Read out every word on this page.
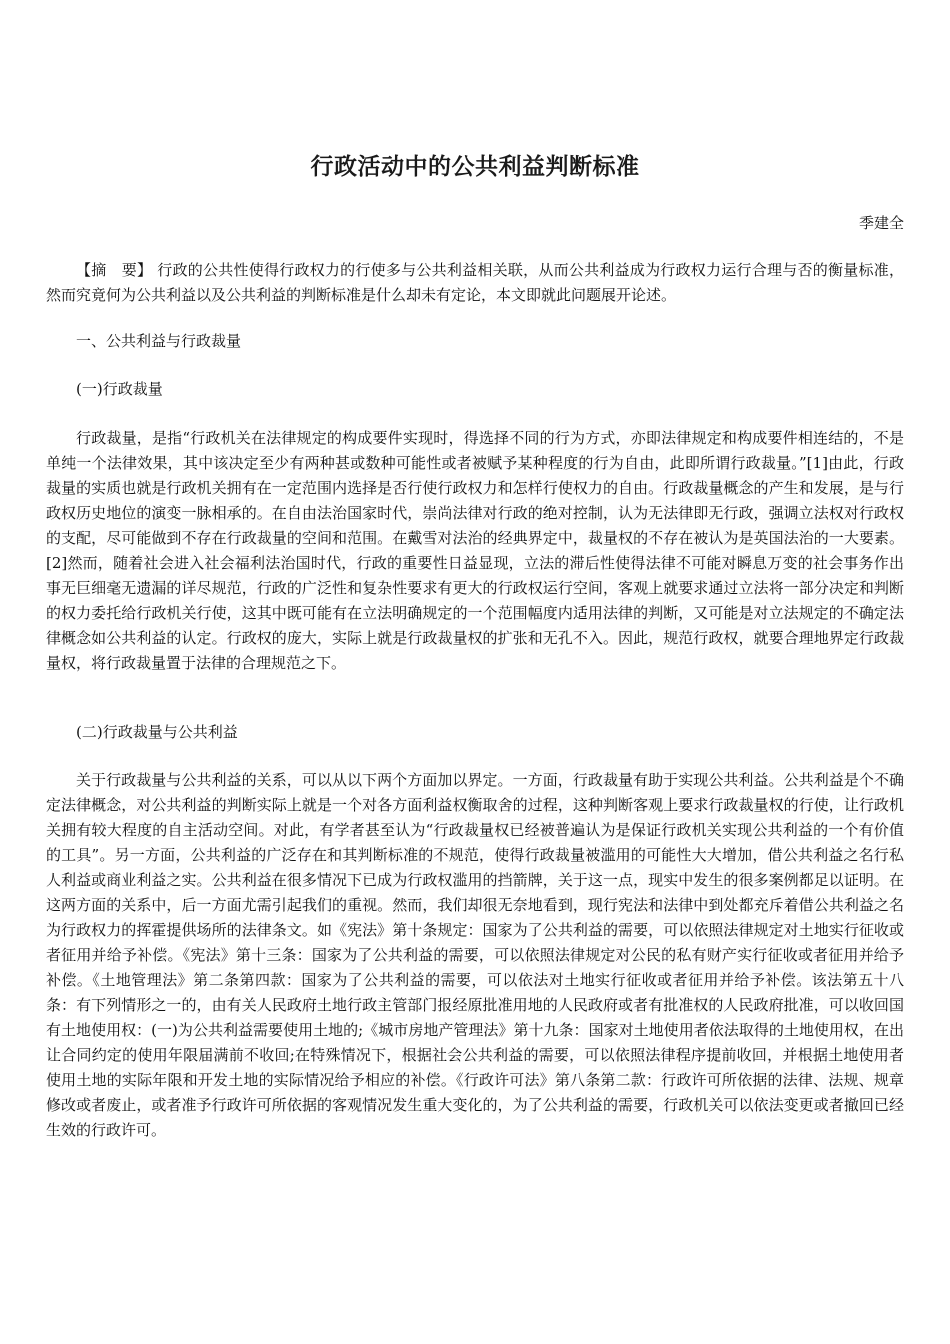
行政活动中的公共利益判断标准
季建全
【摘　要】 行政的公共性使得行政权力的行使多与公共利益相关联，从而公共利益成为行政权力运行合理与否的衡量标准，然而究竟何为公共利益以及公共利益的判断标准是什么却未有定论，本文即就此问题展开论述。
一、公共利益与行政裁量
(一)行政裁量
行政裁量，是指“行政机关在法律规定的构成要件实现时，得选择不同的行为方式，亦即法律规定和构成要件相连结的，不是单纯一个法律效果，其中该决定至少有两种甚或数种可能性或者被赋予某种程度的行为自由，此即所谓行政裁量。”[1]由此，行政裁量的实质也就是行政机关拥有在一定范围内选择是否行使行政权力和怎样行使权力的自由。行政裁量概念的产生和发展，是与行政权历史地位的演变一脉相承的。在自由法治国家时代，崇尚法律对行政的绝对控制，认为无法律即无行政，强调立法权对行政权的支配，尽可能做到不存在行政裁量的空间和范围。在戴雪对法治的经典界定中，裁量权的不存在被认为是英国法治的一大要素。[2]然而，随着社会进入社会福利法治国时代，行政的重要性日益显现，立法的滞后性使得法律不可能对瞬息万变的社会事务作出事无巨细毫无遗漏的详尽规范，行政的广泛性和复杂性要求有更大的行政权运行空间，客观上就要求通过立法将一部分决定和判断的权力委托给行政机关行使，这其中既可能有在立法明确规定的一个范围幅度内适用法律的判断，又可能是对立法规定的不确定法律概念如公共利益的认定。行政权的庞大，实际上就是行政裁量权的扩张和无孔不入。因此，规范行政权，就要合理地界定行政裁量权，将行政裁量置于法律的合理规范之下。
(二)行政裁量与公共利益
关于行政裁量与公共利益的关系，可以从以下两个方面加以界定。一方面，行政裁量有助于实现公共利益。公共利益是个不确定法律概念，对公共利益的判断实际上就是一个对各方面利益权衡取舍的过程，这种判断客观上要求行政裁量权的行使，让行政机关拥有较大程度的自主活动空间。对此，有学者甚至认为“行政裁量权已经被普遍认为是保证行政机关实现公共利益的一个有价值的工具”。另一方面，公共利益的广泛存在和其判断标准的不规范，使得行政裁量被滥用的可能性大大增加，借公共利益之名行私人利益或商业利益之实。公共利益在很多情况下已成为行政权滥用的挡箭牌，关于这一点，现实中发生的很多案例都足以证明。在这两方面的关系中，后一方面尤需引起我们的重视。然而，我们却很无奈地看到，现行宪法和法律中到处都充斥着借公共利益之名为行政权力的挥霍提供场所的法律条文。如《宪法》第十条规定：国家为了公共利益的需要，可以依照法律规定对土地实行征收或者征用并给予补偿。《宪法》第十三条：国家为了公共利益的需要，可以依照法律规定对公民的私有财产实行征收或者征用并给予补偿。《土地管理法》第二条第四款：国家为了公共利益的需要，可以依法对土地实行征收或者征用并给予补偿。该法第五十八条：有下列情形之一的，由有关人民政府土地行政主管部门报经原批准用地的人民政府或者有批准权的人民政府批准，可以收回国有土地使用权：(一)为公共利益需要使用土地的;《城市房地产管理法》第十九条：国家对土地使用者依法取得的土地使用权，在出让合同约定的使用年限届满前不收回;在特殊情况下，根据社会公共利益的需要，可以依照法律程序提前收回，并根据土地使用者使用土地的实际年限和开发土地的实际情况给予相应的补偿。《行政许可法》第八条第二款：行政许可所依据的法律、法规、规章修改或者废止，或者准予行政许可所依据的客观情况发生重大变化的，为了公共利益的需要，行政机关可以依法变更或者撤回已经生效的行政许可。
